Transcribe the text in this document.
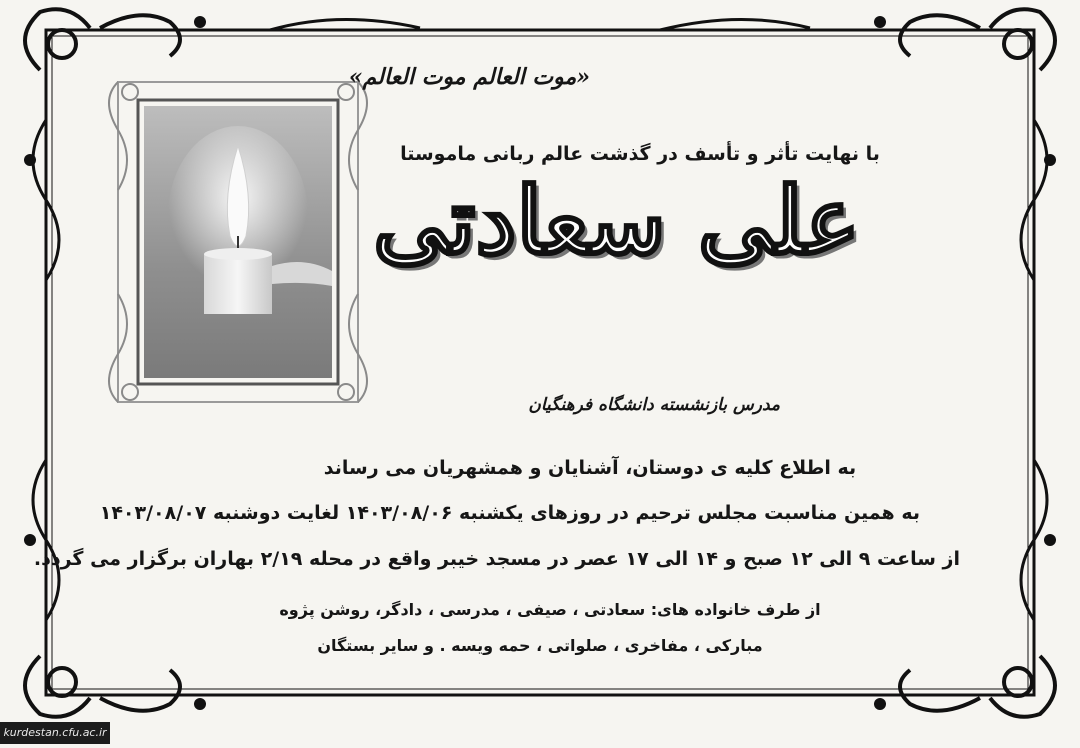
«موت العالم موت العالم»
با نهایت تأثر و تأسف در گذشت عالم ربانی ماموستا
علی سعادتی
مدرس بازنشسته دانشگاه فرهنگیان
به اطلاع کلیه ی دوستان، آشنایان و همشهریان می رساند
به همین مناسبت مجلس ترحیم در روزهای یکشنبه ۱۴۰۳/۰۸/۰۶ لغایت دوشنبه ۱۴۰۳/۰۸/۰۷
از ساعت ۹ الی ۱۲ صبح و ۱۴ الی ۱۷ عصر در مسجد خیبر واقع در محله ۲/۱۹ بهاران برگزار می گردد.
از طرف خانواده های: سعادتی ، صیفی ، مدرسی ، دادگر، روشن پژوه
مبارکی ، مفاخری ، صلواتی ، حمه ویسه . و سایر بستگان
kurdestan.cfu.ac.ir
